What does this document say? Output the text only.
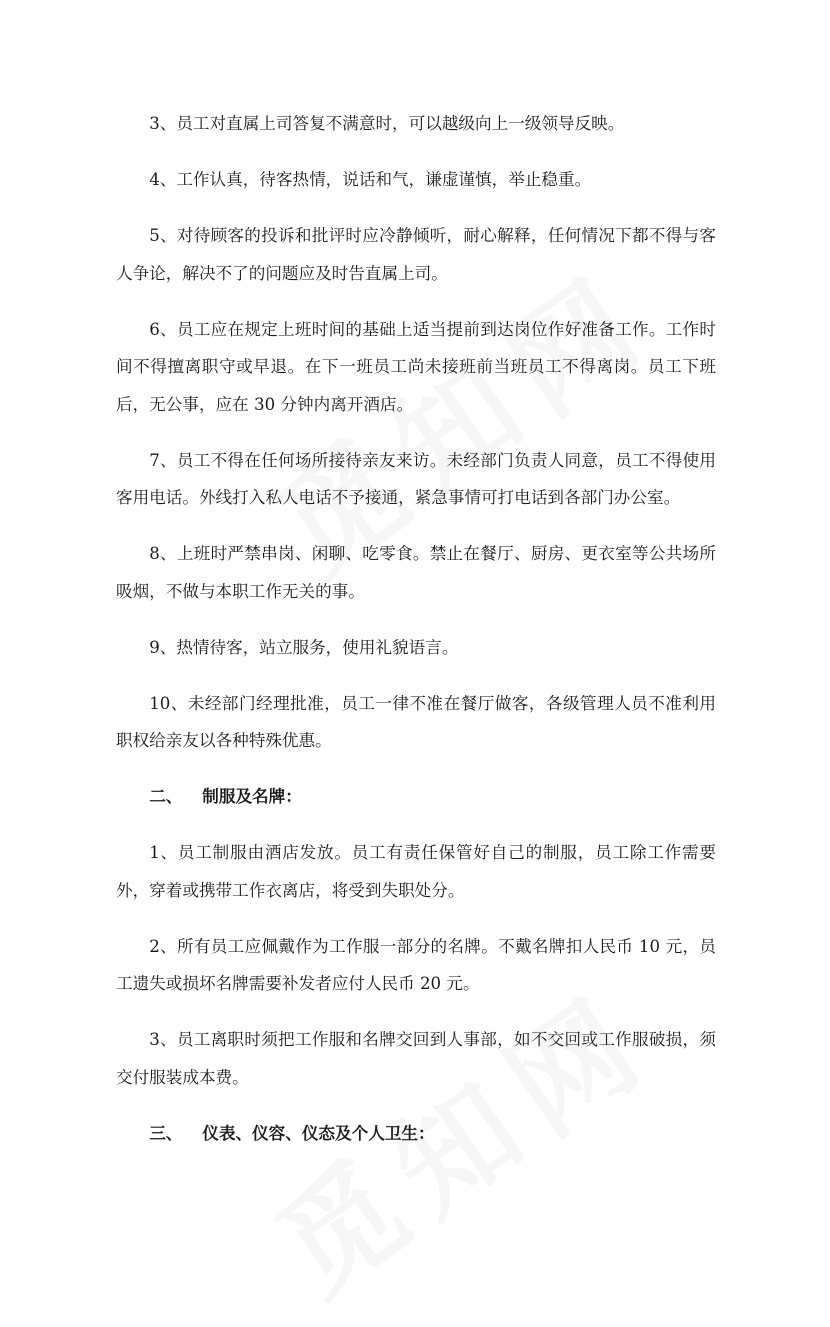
3、员工对直属上司答复不满意时，可以越级向上一级领导反映。

4、工作认真，待客热情，说话和气，谦虚谨慎，举止稳重。

5、对待顾客的投诉和批评时应冷静倾听，耐心解释，任何情况下都不得与客人争论，解决不了的问题应及时告直属上司。

6、员工应在规定上班时间的基础上适当提前到达岗位作好准备工作。工作时间不得擅离职守或早退。在下一班员工尚未接班前当班员工不得离岗。员工下班后，无公事，应在 30 分钟内离开酒店。

7、员工不得在任何场所接待亲友来访。未经部门负责人同意，员工不得使用客用电话。外线打入私人电话不予接通，紧急事情可打电话到各部门办公室。

8、上班时严禁串岗、闲聊、吃零食。禁止在餐厅、厨房、更衣室等公共场所吸烟，不做与本职工作无关的事。

9、热情待客，站立服务，使用礼貌语言。

10、未经部门经理批准，员工一律不准在餐厅做客，各级管理人员不准利用职权给亲友以各种特殊优惠。

二、 制服及名牌：

1、员工制服由酒店发放。员工有责任保管好自己的制服，员工除工作需要外，穿着或携带工作衣离店，将受到失职处分。

2、所有员工应佩戴作为工作服一部分的名牌。不戴名牌扣人民币 10 元，员工遗失或损坏名牌需要补发者应付人民币 20 元。

3、员工离职时须把工作服和名牌交回到人事部，如不交回或工作服破损，须交付服装成本费。

三、 仪表、仪容、仪态及个人卫生：
